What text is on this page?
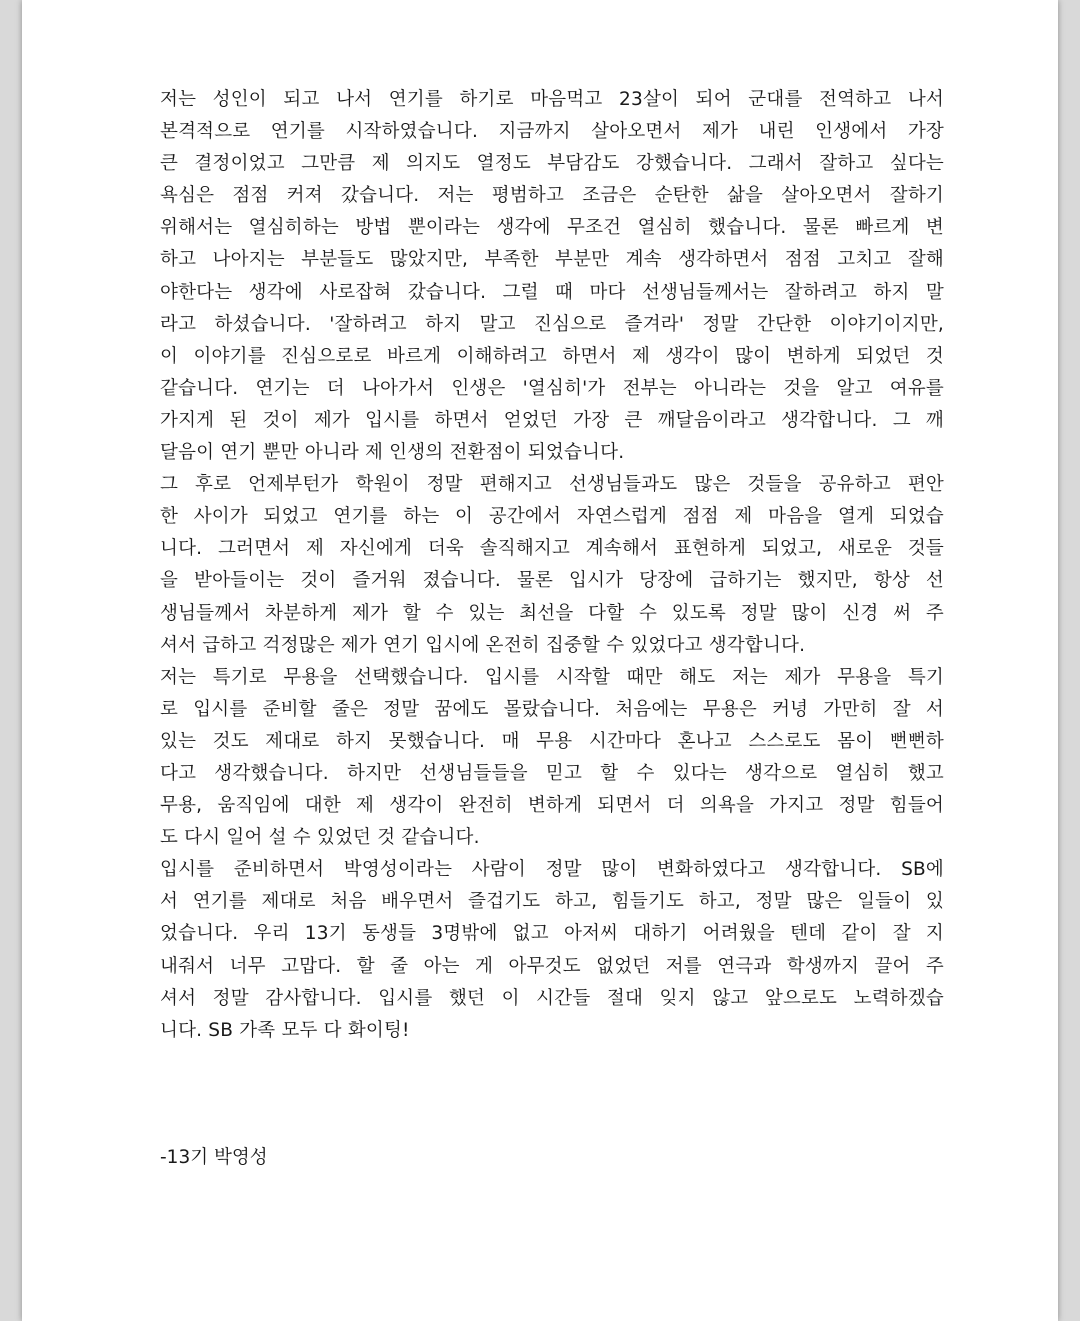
저는 성인이 되고 나서 연기를 하기로 마음먹고 23살이 되어 군대를 전역하고 나서
본격적으로 연기를 시작하였습니다. 지금까지 살아오면서 제가 내린 인생에서 가장
큰 결정이었고 그만큼 제 의지도 열정도 부담감도 강했습니다. 그래서 잘하고 싶다는
욕심은 점점 커져 갔습니다. 저는 평범하고 조금은 순탄한 삶을 살아오면서 잘하기
위해서는 열심히하는 방법 뿐이라는 생각에 무조건 열심히 했습니다. 물론 빠르게 변
하고 나아지는 부분들도 많았지만, 부족한 부분만 계속 생각하면서 점점 고치고 잘해
야한다는 생각에 사로잡혀 갔습니다. 그럴 때 마다 선생님들께서는 잘하려고 하지 말
라고 하셨습니다. '잘하려고 하지 말고 진심으로 즐겨라' 정말 간단한 이야기이지만,
이 이야기를 진심으로로 바르게 이해하려고 하면서 제 생각이 많이 변하게 되었던 것
같습니다. 연기는 더 나아가서 인생은 '열심히'가 전부는 아니라는 것을 알고 여유를
가지게 된 것이 제가 입시를 하면서 얻었던 가장 큰 깨달음이라고 생각합니다. 그 깨
달음이 연기 뿐만 아니라 제 인생의 전환점이 되었습니다.
그 후로 언제부턴가 학원이 정말 편해지고 선생님들과도 많은 것들을 공유하고 편안
한 사이가 되었고 연기를 하는 이 공간에서 자연스럽게 점점 제 마음을 열게 되었습
니다. 그러면서 제 자신에게 더욱 솔직해지고 계속해서 표현하게 되었고, 새로운 것들
을 받아들이는 것이 즐거워 졌습니다. 물론 입시가 당장에 급하기는 했지만, 항상 선
생님들께서 차분하게 제가 할 수 있는 최선을 다할 수 있도록 정말 많이 신경 써 주
셔서 급하고 걱정많은 제가 연기 입시에 온전히 집중할 수 있었다고 생각합니다.
저는 특기로 무용을 선택했습니다. 입시를 시작할 때만 해도 저는 제가 무용을 특기
로 입시를 준비할 줄은 정말 꿈에도 몰랐습니다. 처음에는 무용은 커녕 가만히 잘 서
있는 것도 제대로 하지 못했습니다. 매 무용 시간마다 혼나고 스스로도 몸이 뻔뻔하
다고 생각했습니다. 하지만 선생님들들을 믿고 할 수 있다는 생각으로 열심히 했고
무용, 움직임에 대한 제 생각이 완전히 변하게 되면서 더 의욕을 가지고 정말 힘들어
도 다시 일어 설 수 있었던 것 같습니다.
입시를 준비하면서 박영성이라는 사람이 정말 많이 변화하였다고 생각합니다. SB에
서 연기를 제대로 처음 배우면서 즐겁기도 하고, 힘들기도 하고, 정말 많은 일들이 있
었습니다. 우리 13기 동생들 3명밖에 없고 아저씨 대하기 어려웠을 텐데 같이 잘 지
내줘서 너무 고맙다. 할 줄 아는 게 아무것도 없었던 저를 연극과 학생까지 끌어 주
셔서 정말 감사합니다. 입시를 했던 이 시간들 절대 잊지 않고 앞으로도 노력하겠습
니다. SB 가족 모두 다 화이팅!

-13기 박영성
